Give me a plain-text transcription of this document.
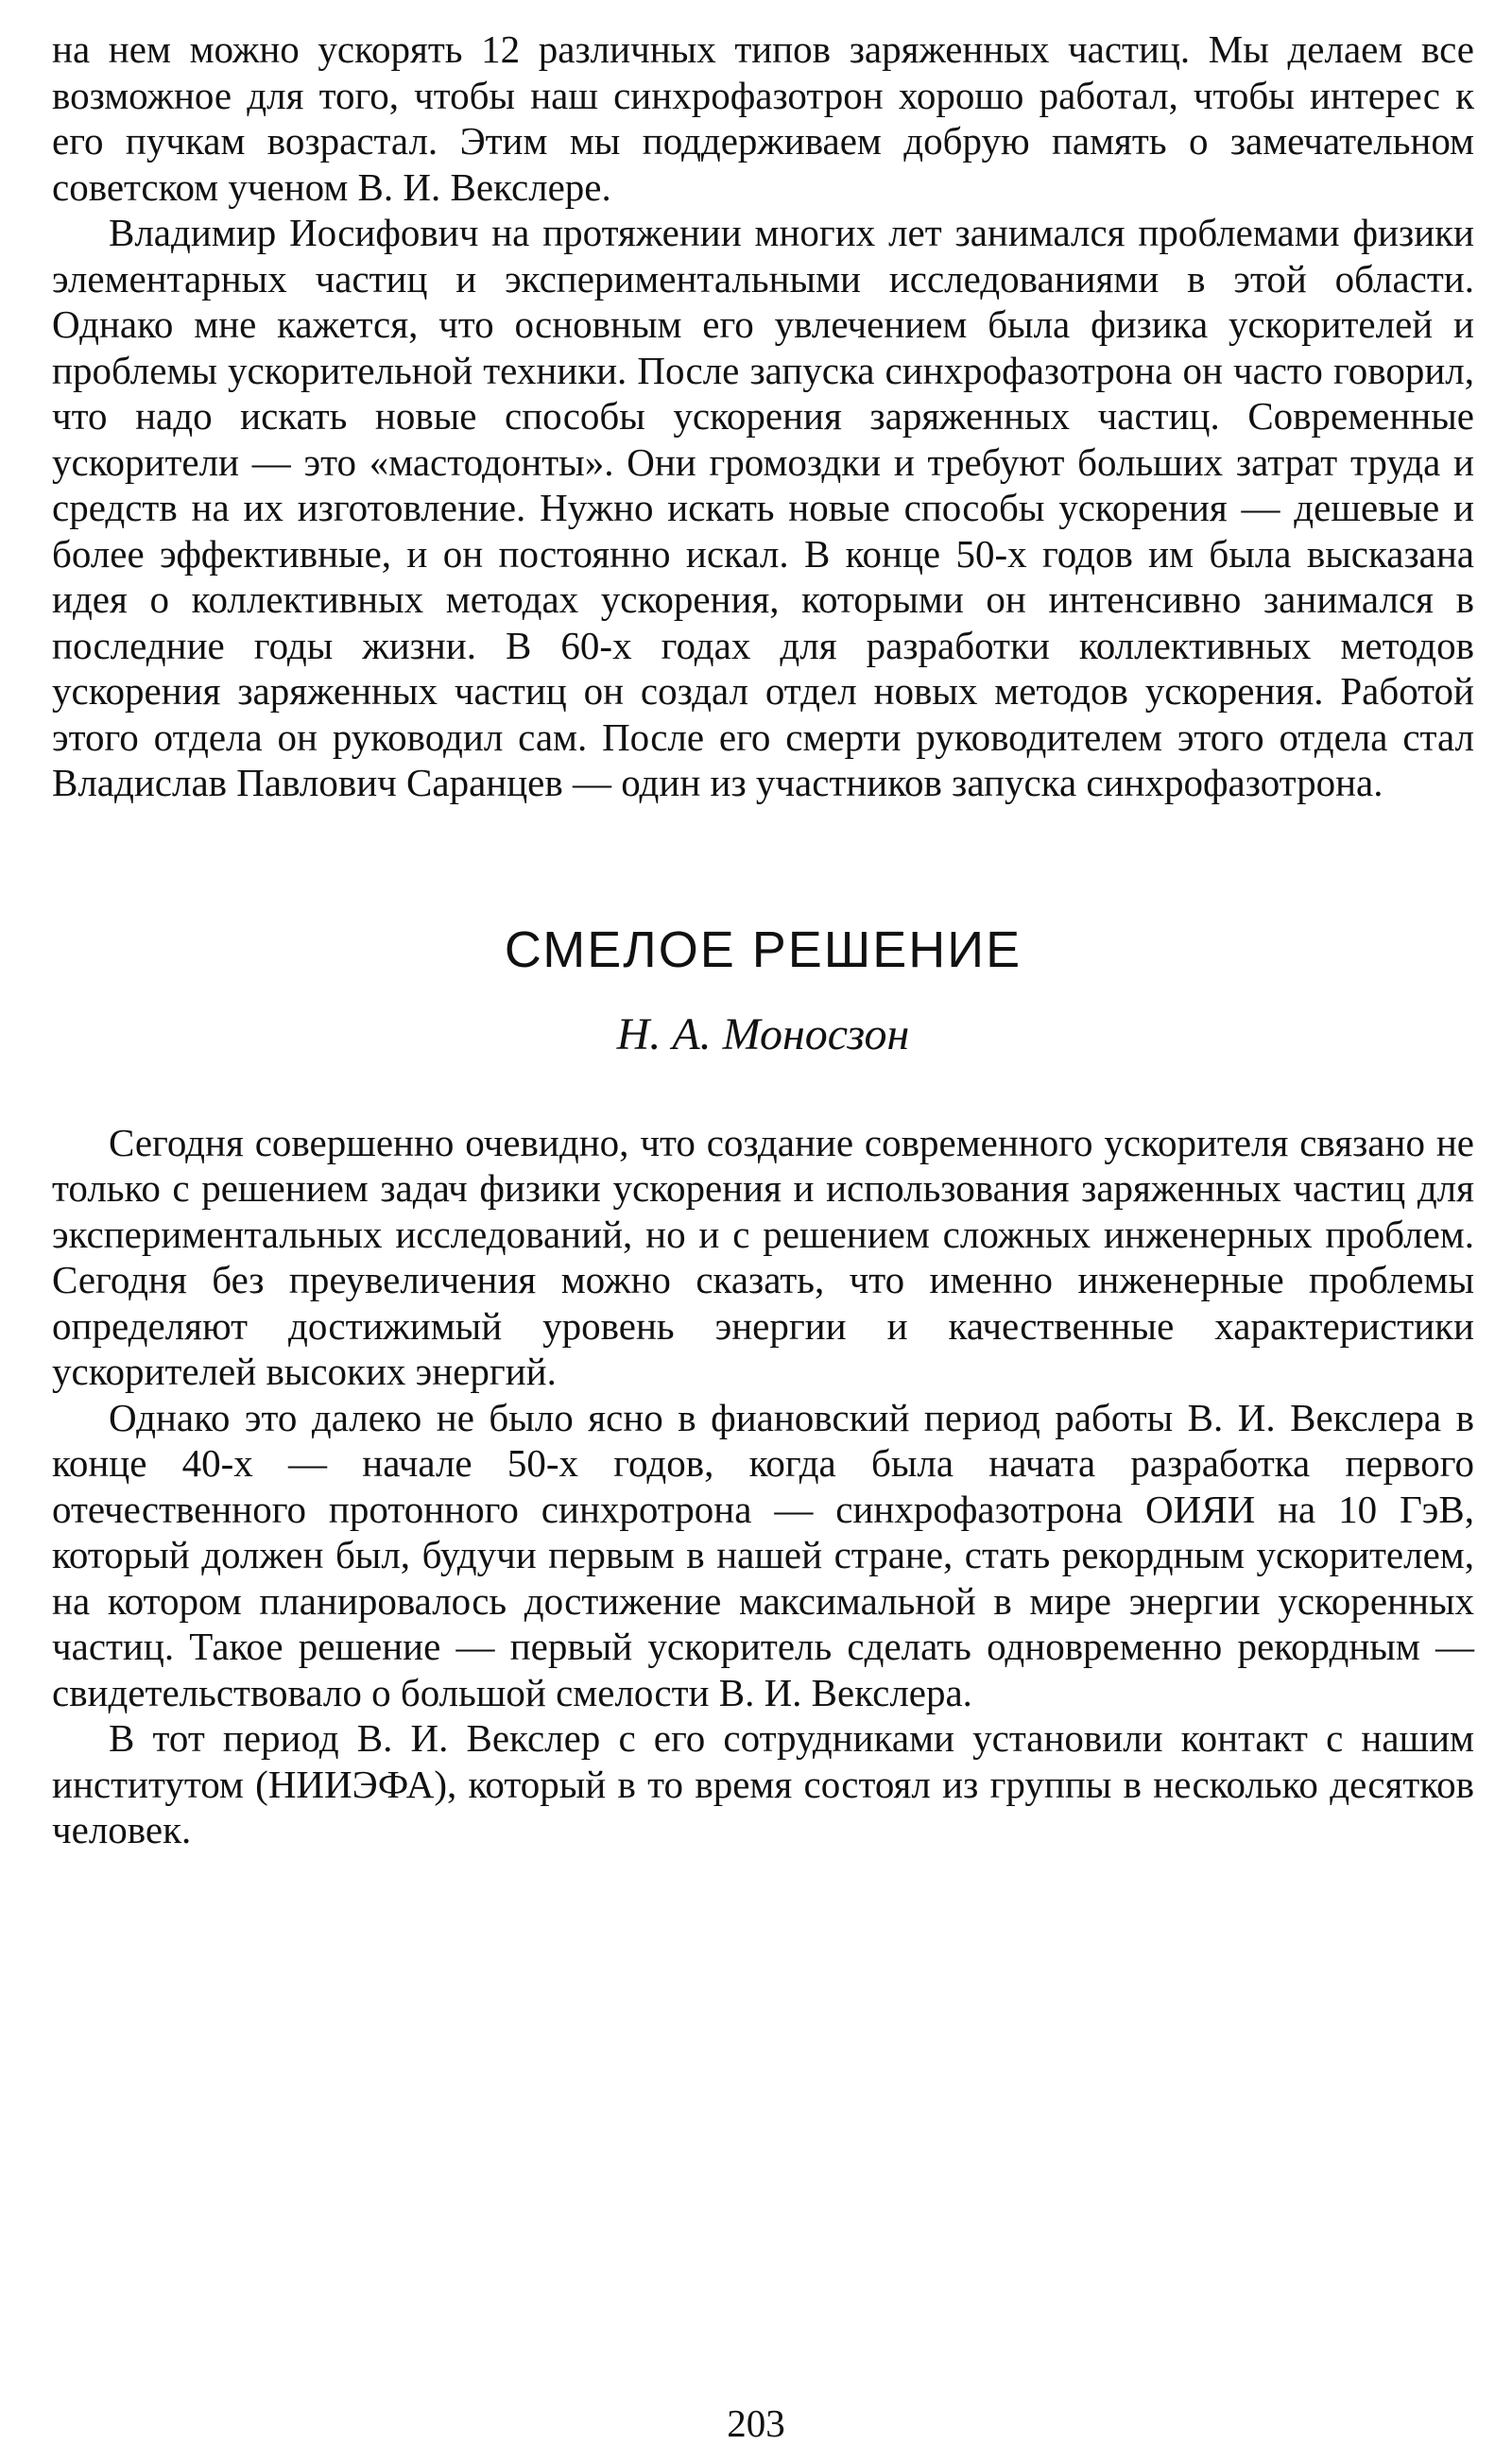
на нем можно ускорять 12 различных типов заряженных частиц. Мы делаем все возможное для того, чтобы наш синхрофазотрон хорошо работал, чтобы интерес к его пучкам возрастал. Этим мы поддерживаем добрую память о замечательном советском ученом В. И. Векслере.

Владимир Иосифович на протяжении многих лет занимался проблемами физики элементарных частиц и экспериментальными исследованиями в этой области. Однако мне кажется, что основным его увлечением была физика ускорителей и проблемы ускорительной техники. После запуска синхрофазотрона он часто говорил, что надо искать новые способы ускорения заряженных частиц. Современные ускорители — это «мастодонты». Они громоздки и требуют больших затрат труда и средств на их изготовление. Нужно искать новые способы ускорения — дешевые и более эффективные, и он постоянно искал. В конце 50-х годов им была высказана идея о коллективных методах ускорения, которыми он интенсивно занимался в последние годы жизни. В 60-х годах для разработки коллективных методов ускорения заряженных частиц он создал отдел новых методов ускорения. Работой этого отдела он руководил сам. После его смерти руководителем этого отдела стал Владислав Павлович Саранцев — один из участников запуска синхрофазотрона.

СМЕЛОЕ РЕШЕНИЕ
Н. А. Моносзон

Сегодня совершенно очевидно, что создание современного ускорителя связано не только с решением задач физики ускорения и использования заряженных частиц для экспериментальных исследований, но и с решением сложных инженерных проблем. Сегодня без преувеличения можно сказать, что именно инженерные проблемы определяют достижимый уровень энергии и качественные характеристики ускорителей высоких энергий.

Однако это далеко не было ясно в фиановский период работы В. И. Векслера в конце 40-х — начале 50-х годов, когда была начата разработка первого отечественного протонного синхротрона — синхрофазотрона ОИЯИ на 10 ГэВ, который должен был, будучи первым в нашей стране, стать рекордным ускорителем, на котором планировалось достижение максимальной в мире энергии ускоренных частиц. Такое решение — первый ускоритель сделать одновременно рекордным — свидетельствовало о большой смелости В. И. Векслера.

В тот период В. И. Векслер с его сотрудниками установили контакт с нашим институтом (НИИЭФА), который в то время состоял из группы в несколько десятков человек.

203
